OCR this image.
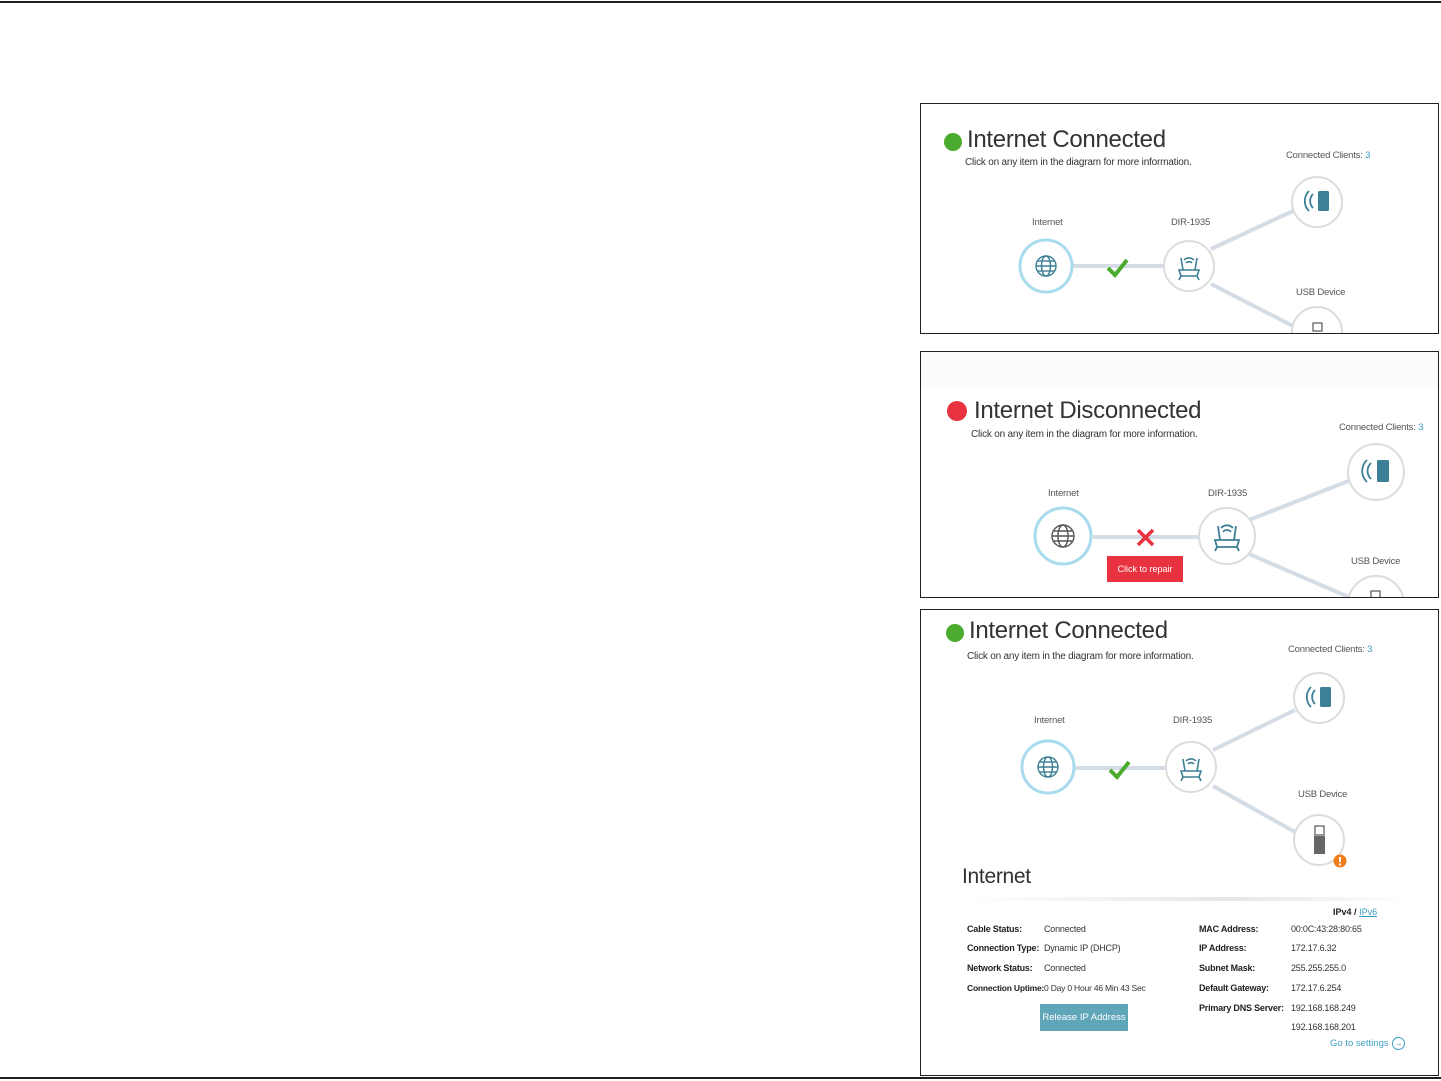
Internet Connected
Click on any item in the diagram for more information.
Connected Clients: 3
Internet	DIR-1935
USB Device
Internet Disconnected
Click on any item in the diagram for more information.
Connected Clients: 3
Internet	DIR-1935
USB Device
Click to repair
Internet Connected
Click on any item in the diagram for more information.
Connected Clients: 3
Internet	DIR-1935
USB Device
Internet
IPv4 / IPv6
Cable Status: Connected
Connection Type: Dynamic IP (DHCP)
Network Status: Connected
Connection Uptime: 0 Day 0 Hour 46 Min 43 Sec
MAC Address:	00:0C:43:28:80:65
IP Address:	172.17.6.32
Subnet Mask:	255.255.255.0
Default Gateway: 172.17.6.254
Primary DNS Server: 192.168.168.249
192.168.168.201
Release IP Address
Go to settings →
